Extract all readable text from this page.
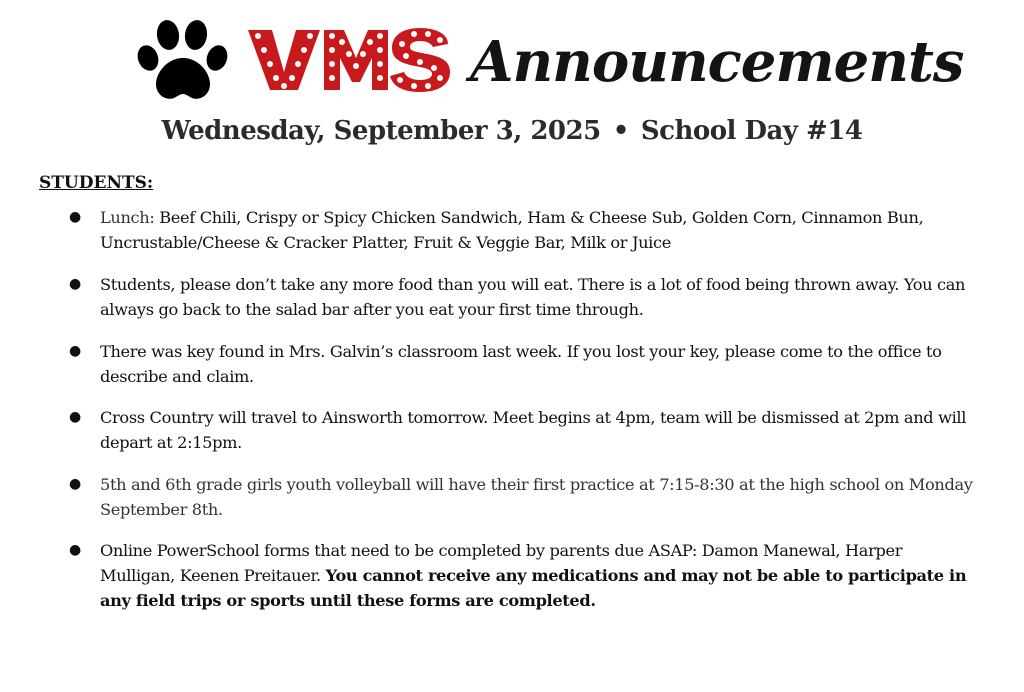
Announcements
Wednesday, September 3, 2025 • School Day #14
STUDENTS:
● Lunch: Beef Chili, Crispy or Spicy Chicken Sandwich, Ham & Cheese Sub, Golden Corn, Cinnamon Bun, Uncrustable/Cheese & Cracker Platter, Fruit & Veggie Bar, Milk or Juice
● Students, please don’t take any more food than you will eat. There is a lot of food being thrown away. You can always go back to the salad bar after you eat your first time through.
● There was key found in Mrs. Galvin’s classroom last week. If you lost your key, please come to the office to describe and claim.
● Cross Country will travel to Ainsworth tomorrow. Meet begins at 4pm, team will be dismissed at 2pm and will depart at 2:15pm.
● 5th and 6th grade girls youth volleyball will have their first practice at 7:15-8:30 at the high school on Monday September 8th.
● Online PowerSchool forms that need to be completed by parents due ASAP: Damon Manewal, Harper Mulligan, Keenen Preitauer. You cannot receive any medications and may not be able to participate in any field trips or sports until these forms are completed.
